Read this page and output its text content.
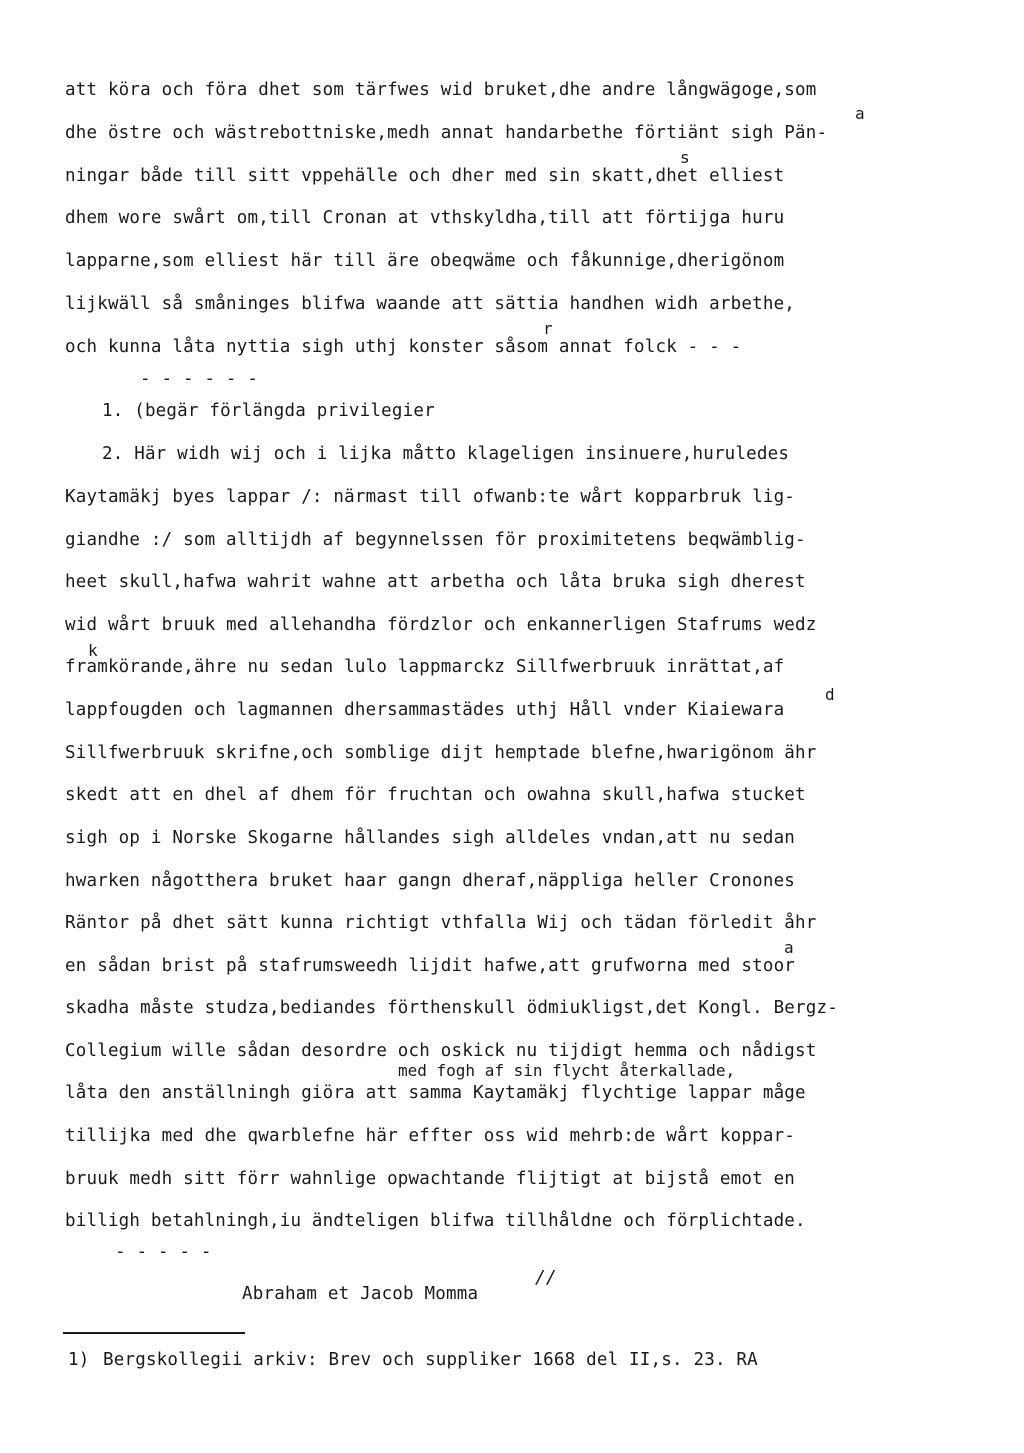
att köra och föra dhet som tärfwes wid bruket,dhe andre långwägoge,som
dhe östre och wästrebottniske,medh annat handarbethe förtiänt sigh Pän-
ningar både till sitt vppehälle och dher med sin skatt,dhet elliest
dhem wore swårt om,till Cronan at vthskyldha,till att förtijga huru
lapparne,som elliest här till äre obeqwäme och fåkunnige,dherigönom
lijkwäll så småninges blifwa waande att sättia handhen widh arbethe,
och kunna låta nyttia sigh uthj konster såsom annat folck - - -
- - - - - -
1. (begär förlängda privilegier
2. Här widh wij och i lijka måtto klageligen insinuere,huruledes
Kaytamäkj byes lappar /: närmast till ofwanb:te wårt kopparbruk lig-
giandhe :/ som alltijdh af begynnelssen för proximitetens beqwämblig-
heet skull,hafwa wahrit wahne att arbetha och låta bruka sigh dherest
wid wårt bruuk med allehandha fördzlor och enkannerligen Stafrums wedz
framkörande,ähre nu sedan lulo lappmarckz Sillfwerbruuk inrättat,af
lappfougden och lagmannen dhersammastädes uthj Håll vnder Kiaiewara
Sillfwerbruuk skrifne,och somblige dijt hemptade blefne,hwarigönom ähr
skedt att en dhel af dhem för fruchtan och owahna skull,hafwa stucket
sigh op i Norske Skogarne hållandes sigh alldeles vndan,att nu sedan
hwarken någotthera bruket haar gangn dheraf,näppliga heller Cronones
Räntor på dhet sätt kunna richtigt vthfalla Wij och tädan förledit åhr
en sådan brist på stafrumsweedh lijdit hafwe,att grufworna med stoor
skadha måste studza,bediandes förthenskull ödmiukligst,det Kongl. Bergz-
Collegium wille sådan desordre och oskick nu tijdigt hemma och nådigst
låta den anställningh giöra att samma Kaytamäkj flychtige lappar måge
tillijka med dhe qwarblefne här effter oss wid mehrb:de wårt koppar-
bruuk medh sitt förr wahnlige opwachtande flijtigt at bijstå emot en
billigh betahlningh,iu ändteligen blifwa tillhåldne och förplichtade.
- - - - -
Abraham et Jacob Momma
//
a
s
r
d
k
a
med fogh af sin flycht återkallade,
1) Bergskollegii arkiv: Brev och suppliker 1668 del II,s. 23. RA
